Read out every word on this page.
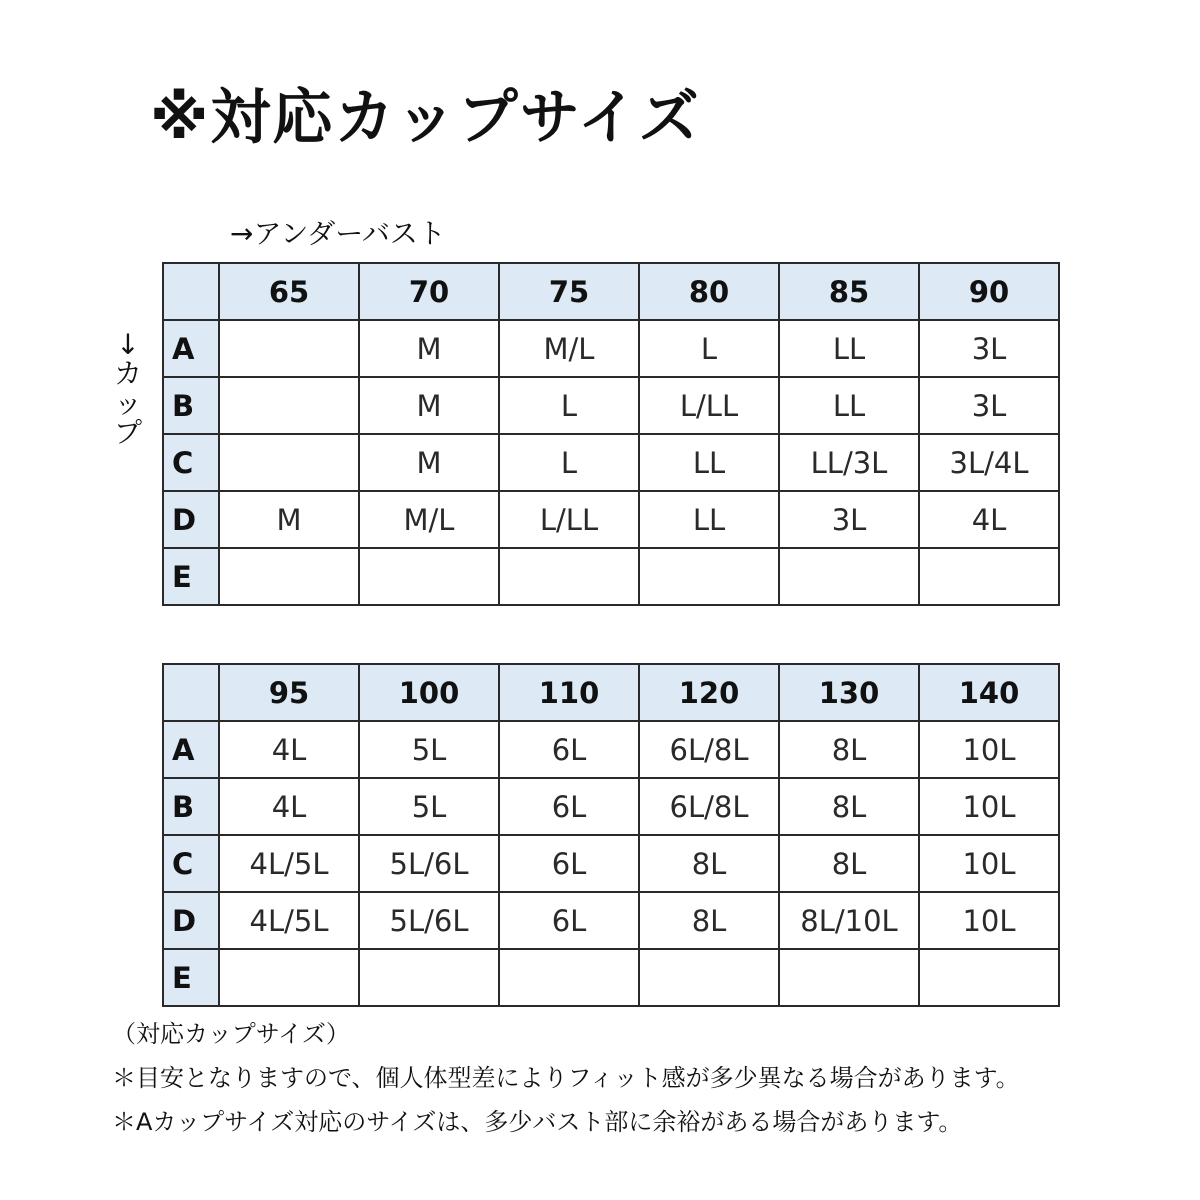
※対応カップサイズ
→アンダーバスト
↓
カ
ッ
プ
	65	70	75	80	85	90
A		M	M/L	L	LL	3L
B		M	L	L/LL	LL	3L
C		M	L	LL	LL/3L	3L/4L
D	M	M/L	L/LL	LL	3L	4L
E						
	95	100	110	120	130	140
A	4L	5L	6L	6L/8L	8L	10L
B	4L	5L	6L	6L/8L	8L	10L
C	4L/5L	5L/6L	6L	8L	8L	10L
D	4L/5L	5L/6L	6L	8L	8L/10L	10L
E						
（対応カップサイズ）
＊目安となりますので、個人体型差によりフィット感が多少異なる場合があります。
＊Aカップサイズ対応のサイズは、多少バスト部に余裕がある場合があります。
